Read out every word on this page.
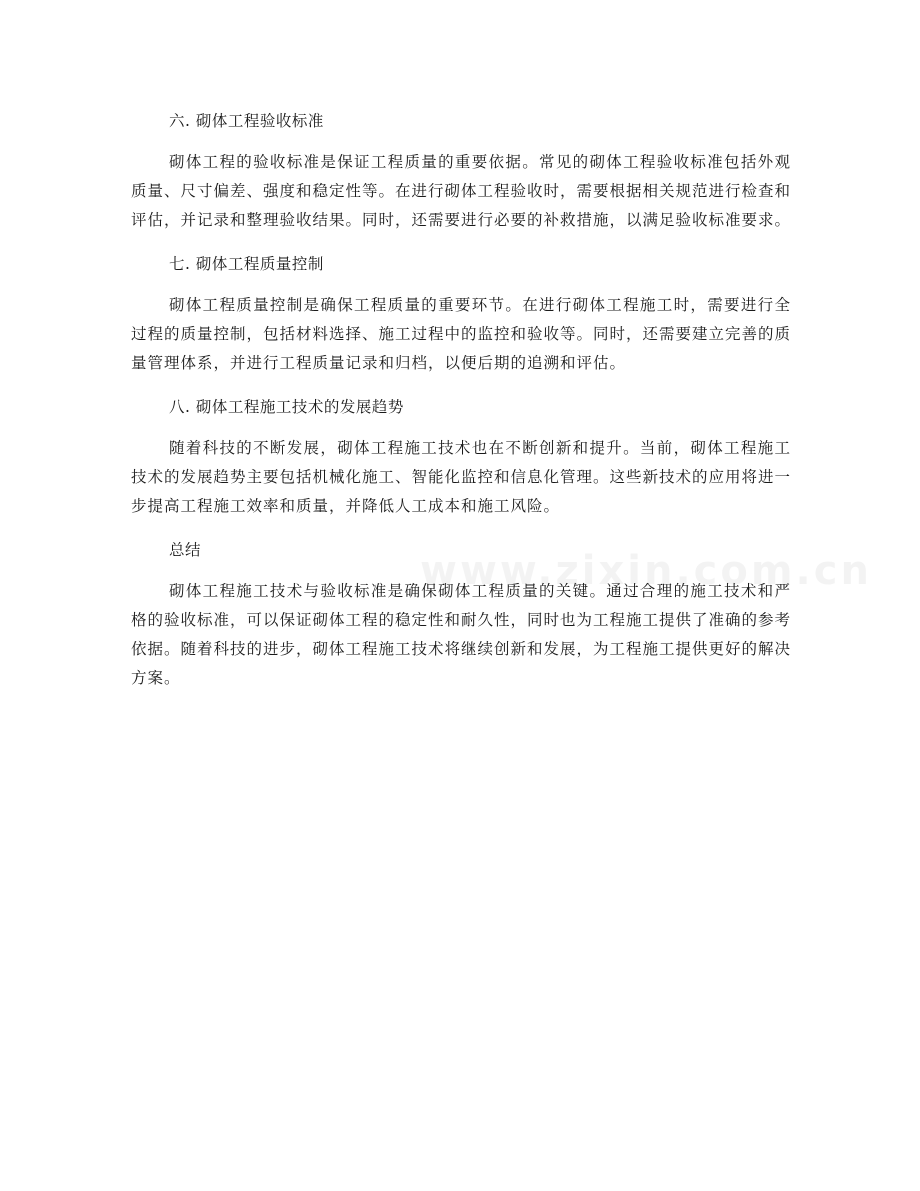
六. 砌体工程验收标准

砌体工程的验收标准是保证工程质量的重要依据。常见的砌体工程验收标准包括外观质量、尺寸偏差、强度和稳定性等。在进行砌体工程验收时，需要根据相关规范进行检查和评估，并记录和整理验收结果。同时，还需要进行必要的补救措施，以满足验收标准要求。

七. 砌体工程质量控制

砌体工程质量控制是确保工程质量的重要环节。在进行砌体工程施工时，需要进行全过程的质量控制，包括材料选择、施工过程中的监控和验收等。同时，还需要建立完善的质量管理体系，并进行工程质量记录和归档，以便后期的追溯和评估。

八. 砌体工程施工技术的发展趋势

随着科技的不断发展，砌体工程施工技术也在不断创新和提升。当前，砌体工程施工技术的发展趋势主要包括机械化施工、智能化监控和信息化管理。这些新技术的应用将进一步提高工程施工效率和质量，并降低人工成本和施工风险。

总结

砌体工程施工技术与验收标准是确保砌体工程质量的关键。通过合理的施工技术和严格的验收标准，可以保证砌体工程的稳定性和耐久性，同时也为工程施工提供了准确的参考依据。随着科技的进步，砌体工程施工技术将继续创新和发展，为工程施工提供更好的解决方案。
